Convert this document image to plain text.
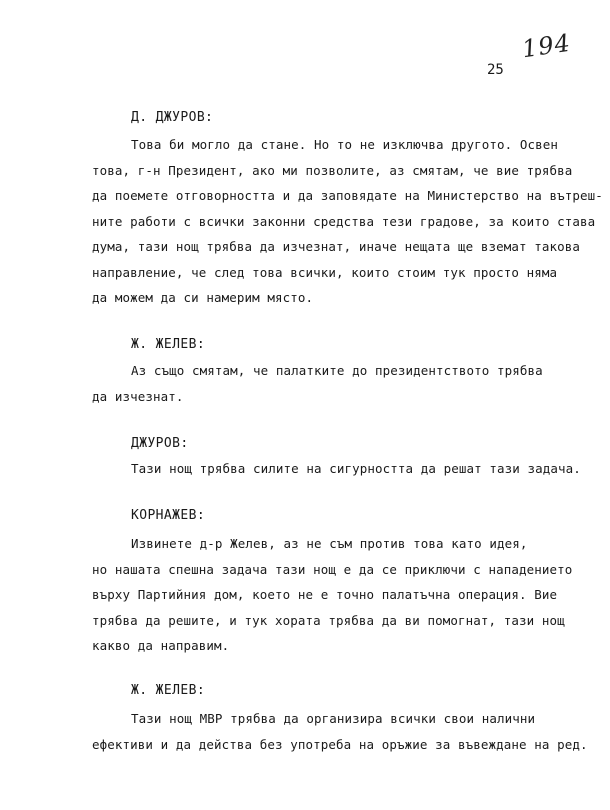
194
25
Д. ДЖУРОВ:
Това би могло да стане. Но то не изключва другото. Освен
това, г-н Президент, ако ми позволите, аз смятам, че вие трябва
да поемете отговорността и да заповядате на Министерство на вътреш-
ните работи с всички законни средства тези градове, за които става
дума, тази нощ трябва да изчезнат, иначе нещата ще вземат такова
направление, че след това всички, които стоим тук просто няма
да можем да си намерим място.
Ж. ЖЕЛЕВ:
Аз също смятам, че палатките до президентството трябва
да изчезнат.
ДЖУРОВ:
Тази нощ трябва силите на сигурността да решат тази задача.
КОРНАЖЕВ:
Извинете д-р Желев, аз не съм против това като идея,
но нашата спешна задача тази нощ е да се приключи с нападението
върху Партийния дом, което не е точно палатъчна операция. Вие
трябва да решите, и тук хората трябва да ви помогнат, тази нощ
какво да направим.
Ж. ЖЕЛЕВ:
Тази нощ МВР трябва да организира всички свои налични
ефективи и да действа без употреба на оръжие за въвеждане на ред.
